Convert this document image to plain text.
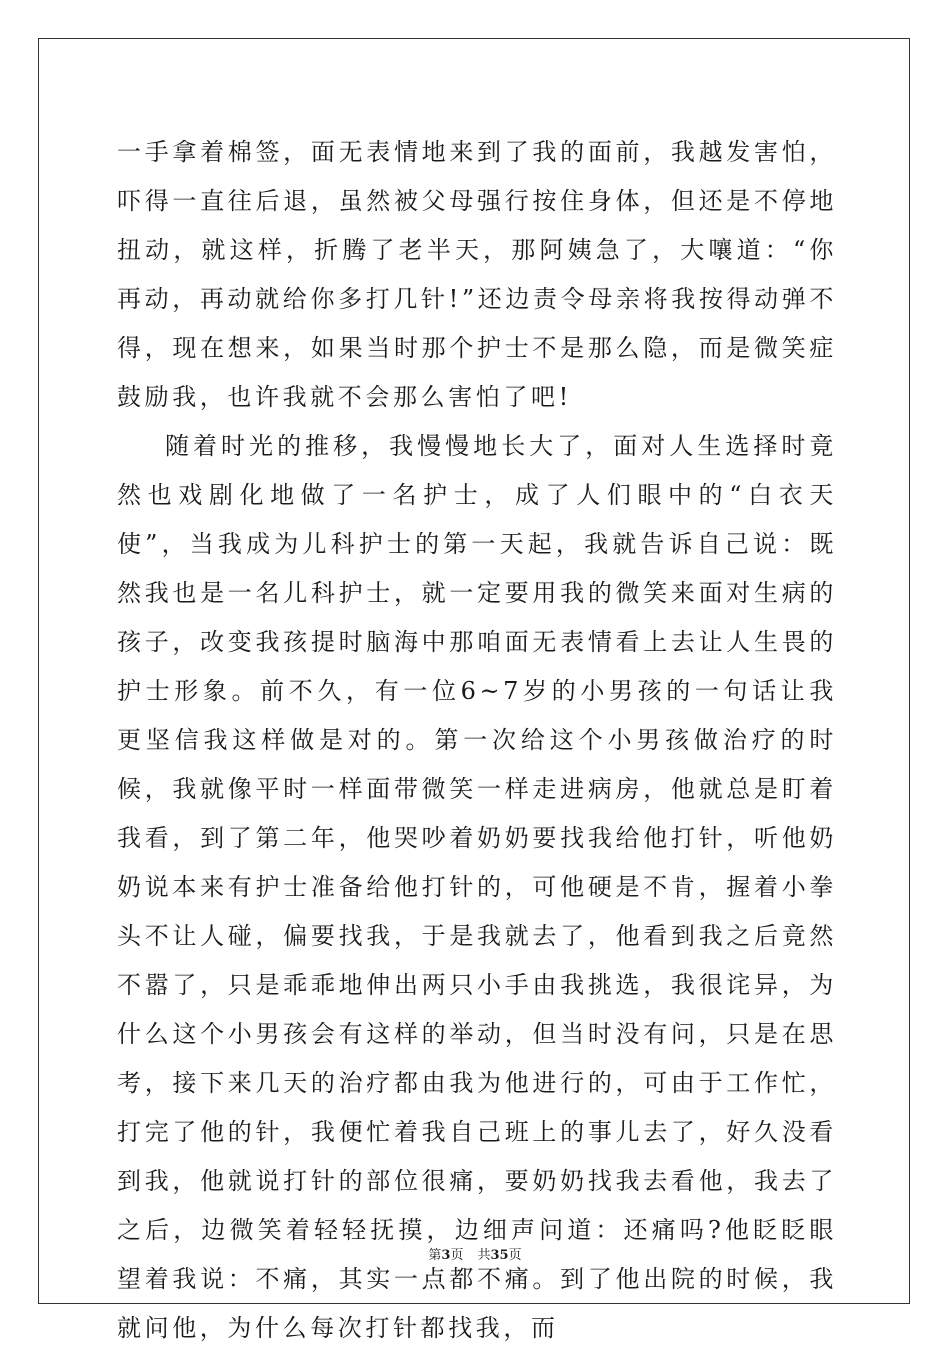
一手拿着棉签，面无表情地来到了我的面前，我越发害怕，吓得一直往后退，虽然被父母强行按住身体，但还是不停地扭动，就这样，折腾了老半天，那阿姨急了，大嚷道：“你再动，再动就给你多打几针!”还边责令母亲将我按得动弹不得，现在想来，如果当时那个护士不是那么隐，而是微笑症鼓励我，也许我就不会那么害怕了吧!

随着时光的推移，我慢慢地长大了，面对人生选择时竟然也戏剧化地做了一名护士，成了人们眼中的“白衣天使”，当我成为儿科护士的第一天起，我就告诉自己说：既然我也是一名儿科护士，就一定要用我的微笑来面对生病的孩子，改变我孩提时脑海中那咱面无表情看上去让人生畏的护士形象。前不久，有一位6~7岁的小男孩的一句话让我更坚信我这样做是对的。第一次给这个小男孩做治疗的时候，我就像平时一样面带微笑一样走进病房，他就总是盯着我看，到了第二年，他哭吵着奶奶要找我给他打针，听他奶奶说本来有护士准备给他打针的，可他硬是不肯，握着小拳头不让人碰，偏要找我，于是我就去了，他看到我之后竟然不嚣了，只是乖乖地伸出两只小手由我挑选，我很诧异，为什么这个小男孩会有这样的举动，但当时没有问，只是在思考，接下来几天的治疗都由我为他进行的，可由于工作忙，打完了他的针，我便忙着我自己班上的事儿去了，好久没看到我，他就说打针的部位很痛，要奶奶找我去看他，我去了之后，边微笑着轻轻抚摸，边细声问道：还痛吗?他眨眨眼望着我说：不痛，其实一点都不痛。到了他出院的时候，我就问他，为什么每次打针都找我，而

第3页 共35页
